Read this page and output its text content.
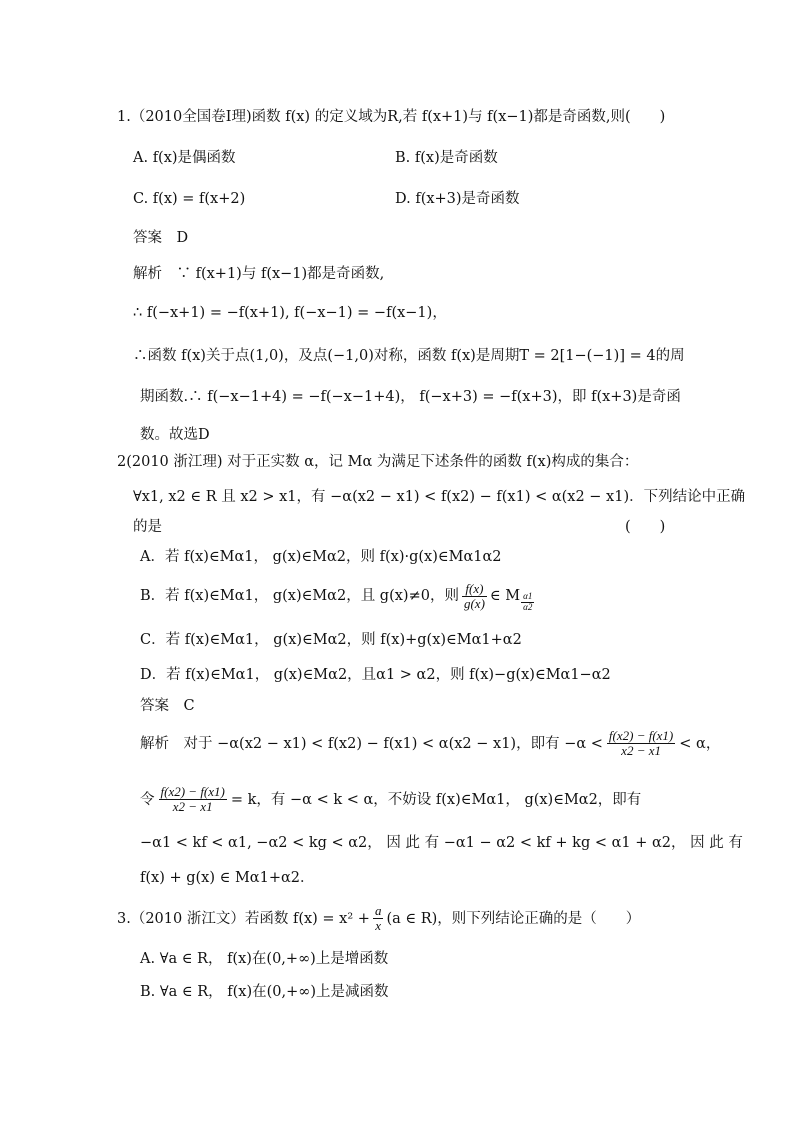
1.（2010全国卷Ⅰ理)函数 f(x) 的定义域为R,若 f(x+1)与 f(x−1)都是奇函数,则(　　)
A. f(x)是偶函数	B. f(x)是奇函数
C. f(x) = f(x+2)	D. f(x+3)是奇函数
答案　D
解析　∵ f(x+1)与 f(x−1)都是奇函数,
∴ f(−x+1) = −f(x+1), f(−x−1) = −f(x−1)，
∴函数 f(x)关于点(1,0)，及点(−1,0)对称，函数 f(x)是周期T = 2[1−(−1)] = 4的周
期函数.∴ f(−x−1+4) = −f(−x−1+4)， f(−x+3) = −f(x+3)，即 f(x+3)是奇函
数。故选D
2(2010 浙江理) 对于正实数 α，记 Mα 为满足下述条件的函数 f(x)构成的集合：
∀x1, x2 ∈ R 且 x2 > x1，有 −α(x2 − x1) < f(x2) − f(x1) < α(x2 − x1)．下列结论中正确
的是	(　　)
A．若 f(x)∈Mα1， g(x)∈Mα2，则 f(x)·g(x)∈Mα1α2
B．若 f(x)∈Mα1， g(x)∈Mα2，且 g(x)≠0，则 $\frac{f(x)}{g(x)}$ ∈ M $\frac{\alpha 1}{\alpha 2}$
C．若 f(x)∈Mα1， g(x)∈Mα2，则 f(x)+g(x)∈Mα1+α2
D．若 f(x)∈Mα1， g(x)∈Mα2，且α1 > α2，则 f(x)−g(x)∈Mα1−α2
答案　C
解析　对于 −α(x2 − x1) < f(x2) − f(x1) < α(x2 − x1)，即有 $-\alpha < \frac{f(x2) - f(x1)}{x2 - x1} < \alpha$，
令 $\frac{f(x2) - f(x1)}{x2 - x1} = k$，有 −α < k < α，不妨设 f(x)∈Mα1， g(x)∈Mα2，即有
−α1 < kf < α1, −α2 < kg < α2， 因 此 有 −α1 − α2 < kf + kg < α1 + α2， 因 此 有
f(x) + g(x) ∈ Mα1+α2．
3.（2010 浙江文）若函数 $f(x) = x^2 + \frac{a}{x} (a$ ∈ R)，则下列结论正确的是（　　）
A. ∀a ∈ R， f(x)在(0,+∞)上是增函数
B. ∀a ∈ R， f(x)在(0,+∞)上是减函数
